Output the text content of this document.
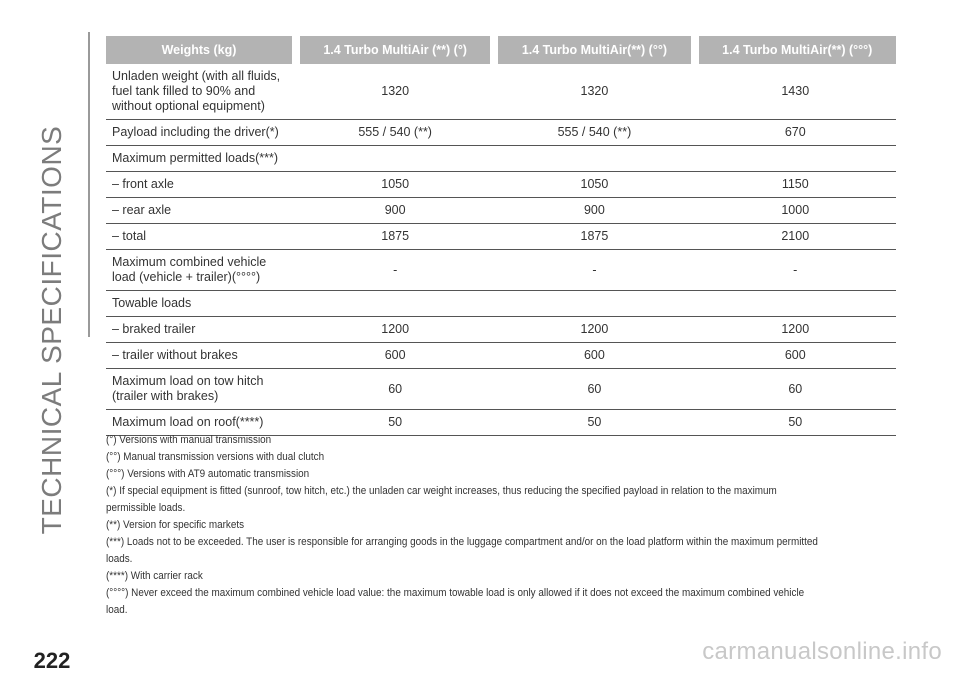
TECHNICAL SPECIFICATIONS
Weights (kg)	1.4 Turbo MultiAir (**) (°)	1.4 Turbo MultiAir(**) (°°)	1.4 Turbo MultiAir(**) (°°°)
Unladen weight (with all fluids, fuel tank filled to 90% and without optional equipment)	1320	1320	1430
Payload including the driver(*)	555 / 540 (**)	555 / 540 (**)	670
Maximum permitted loads(***)			
– front axle	1050	1050	1150
– rear axle	900	900	1000
– total	1875	1875	2100
Maximum combined vehicle load (vehicle + trailer)(°°°°)	-	-	-
Towable loads			
– braked trailer	1200	1200	1200
– trailer without brakes	600	600	600
Maximum load on tow hitch (trailer with brakes)	60	60	60
Maximum load on roof(****)	50	50	50

(°) Versions with manual transmission

(°°) Manual transmission versions with dual clutch

(°°°) Versions with AT9 automatic transmission

(*) If special equipment is fitted (sunroof, tow hitch, etc.) the unladen car weight increases, thus reducing the specified payload in relation to the maximum permissible loads.

(**) Version for specific markets

(***) Loads not to be exceeded. The user is responsible for arranging goods in the luggage compartment and/or on the load platform within the maximum permitted loads.

(****) With carrier rack

(°°°°) Never exceed the maximum combined vehicle load value: the maximum towable load is only allowed if it does not exceed the maximum combined vehicle load.

222	carmanualsonline.info
